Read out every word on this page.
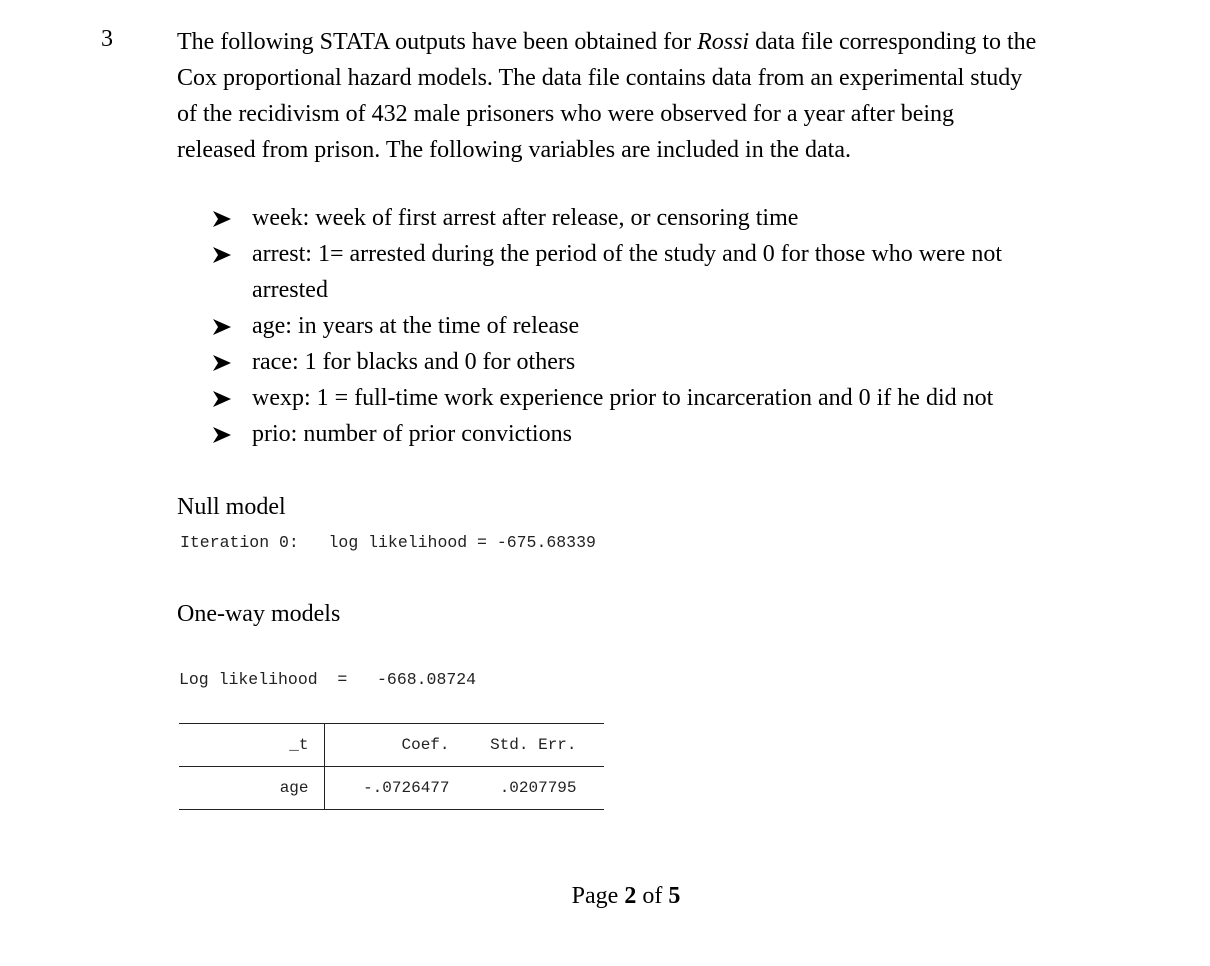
3	The following STATA outputs have been obtained for Rossi data file corresponding to the Cox proportional hazard models. The data file contains data from an experimental study of the recidivism of 432 male prisoners who were observed for a year after being released from prison. The following variables are included in the data.
week: week of first arrest after release, or censoring time
arrest: 1= arrested during the period of the study and 0 for those who were not arrested
age: in years at the time of release
race: 1 for blacks and 0 for others
wexp: 1 = full-time work experience prior to incarceration and 0 if he did not
prio: number of prior convictions
Null model
Iteration 0:   log likelihood = -675.68339
One-way models
Log likelihood  =   -668.08724
_t	Coef.	Std. Err.	
age	-.0726477	.0207795	
Page 2 of 5
